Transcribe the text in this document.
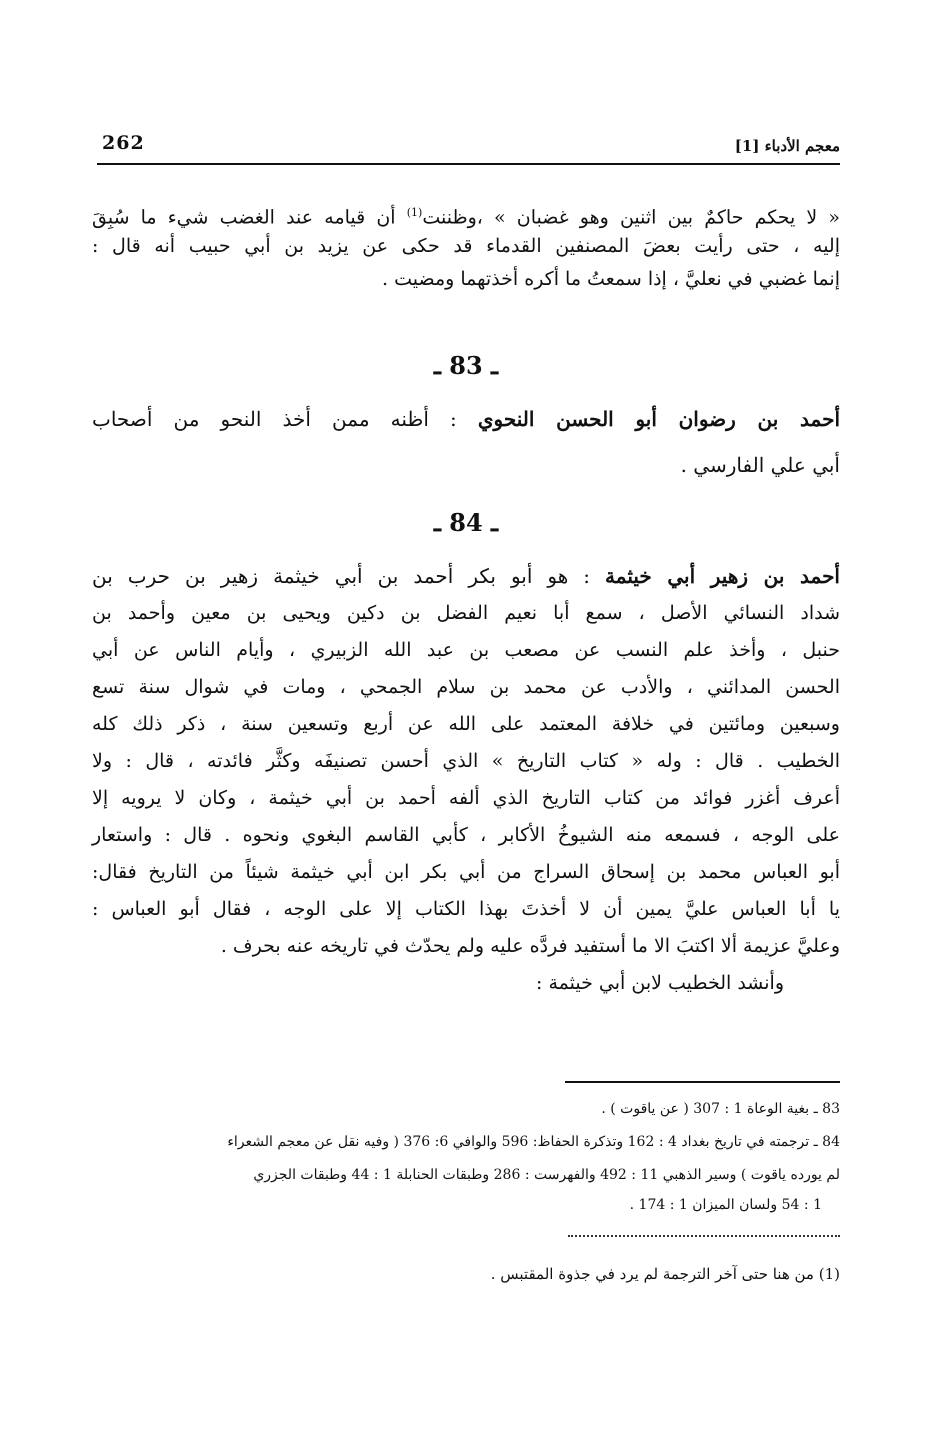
معجم الأدباء [1]
262
« لا يحكم حاكمٌ بين اثنين وهو غضبان » ،وظننت$^{(1)}$ أن قيامه عند الغضب شيء ما سُبِقَ
إليه ، حتى رأيت بعضَ المصنفين القدماء قد حكى عن يزيد بن أبي حبيب أنه قال :
إنما غضبي في نعليَّ ، إذا سمعتُ ما أكره أخذتهما ومضيت .
ـ 83 ـ
أحمد بن رضوان أبو الحسن النحوي : أظنه ممن أخذ النحو من أصحاب
أبي علي الفارسي .
ـ 84 ـ
أحمد بن زهير أبي خيثمة : هو أبو بكر أحمد بن أبي خيثمة زهير بن حرب بن
شداد النسائي الأصل ، سمع أبا نعيم الفضل بن دكين ويحيى بن معين وأحمد بن
حنبل ، وأخذ علم النسب عن مصعب بن عبد الله الزبيري ، وأيام الناس عن أبي
الحسن المدائني ، والأدب عن محمد بن سلام الجمحي ، ومات في شوال سنة تسع
وسبعين ومائتين في خلافة المعتمد على الله عن أربع وتسعين سنة ، ذكر ذلك كله
الخطيب . قال : وله « كتاب التاريخ » الذي أحسن تصنيفَه وكثَّر فائدته ، قال : ولا
أعرف أغزر فوائد من كتاب التاريخ الذي ألفه أحمد بن أبي خيثمة ، وكان لا يرويه إلا
على الوجه ، فسمعه منه الشيوخُ الأكابر ، كأبي القاسم البغوي ونحوه . قال : واستعار
أبو العباس محمد بن إسحاق السراج من أبي بكر ابن أبي خيثمة شيئاً من التاريخ فقال:
يا أبا العباس عليَّ يمين أن لا أخذتَ بهذا الكتاب إلا على الوجه ، فقال أبو العباس :
وعليَّ عزيمة ألا اكتبَ الا ما أستفيد فردَّه عليه ولم يحدّث في تاريخه عنه بحرف .
وأنشد الخطيب لابن أبي خيثمة :
83 ـ بغية الوعاة 1 : 307 ( عن ياقوت ) .
84 ـ ترجمته في تاريخ بغداد 4 : 162 وتذكرة الحفاظ: 596 والوافي 6: 376 ( وفيه نقل عن معجم الشعراء
لم يورده ياقوت ) وسير الذهبي 11 : 492 والفهرست : 286 وطبقات الحنابلة 1 : 44 وطبقات الجزري
1 : 54 ولسان الميزان 1 : 174 .
(1) من هنا حتى آخر الترجمة لم يرد في جذوة المقتبس .
